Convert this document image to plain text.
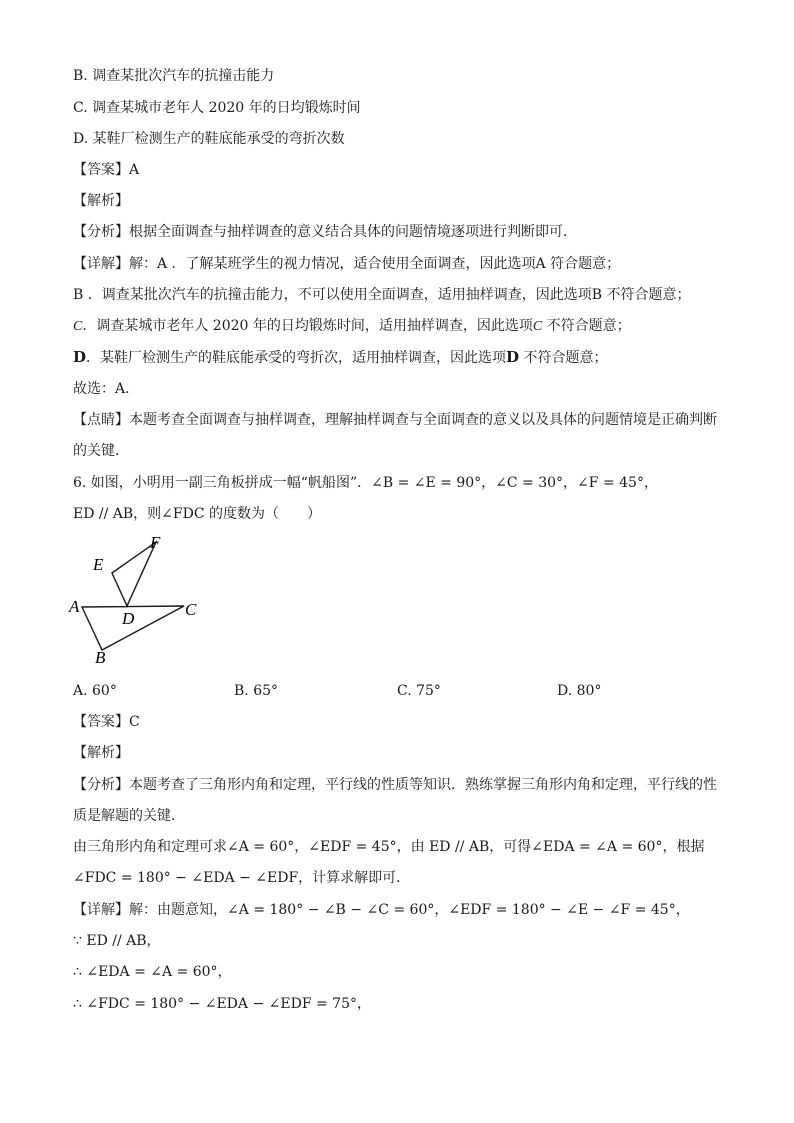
B. 调查某批次汽车的抗撞击能力
C. 调查某城市老年人 2020 年的日均锻炼时间
D. 某鞋厂检测生产的鞋底能承受的弯折次数
【答案】A
【解析】
【分析】根据全面调查与抽样调查的意义结合具体的问题情境逐项进行判断即可．
【详解】解：A ．了解某班学生的视力情况，适合使用全面调查，因此选项A 符合题意；
B ．调查某批次汽车的抗撞击能力，不可以使用全面调查，适用抽样调查，因此选项B 不符合题意；
C．调查某城市老年人 2020 年的日均锻炼时间，适用抽样调查，因此选项C 不符合题意；
D．某鞋厂检测生产的鞋底能承受的弯折次，适用抽样调查，因此选项D 不符合题意；
故选：A．
【点睛】本题考查全面调查与抽样调查，理解抽样调查与全面调查的意义以及具体的问题情境是正确判断
的关键．
6. 如图，小明用一副三角板拼成一幅“帆船图”．∠B = ∠E = 90°，∠C = 30°，∠F = 45°，
ED // AB，则∠FDC 的度数为（　　）
E
F
A
D	C
B
A. 60°	B. 65°	C. 75°	D. 80°
【答案】C
【解析】
【分析】本题考查了三角形内角和定理，平行线的性质等知识．熟练掌握三角形内角和定理，平行线的性
质是解题的关键．
由三角形内角和定理可求∠A = 60°，∠EDF = 45°，由 ED // AB，可得∠EDA = ∠A = 60°，根据
∠FDC = 180° − ∠EDA − ∠EDF，计算求解即可．
【详解】解：由题意知，∠A = 180° − ∠B − ∠C = 60°，∠EDF = 180° − ∠E − ∠F = 45°，
∵ ED // AB，
∴ ∠EDA = ∠A = 60°，
∴ ∠FDC = 180° − ∠EDA − ∠EDF = 75°，
